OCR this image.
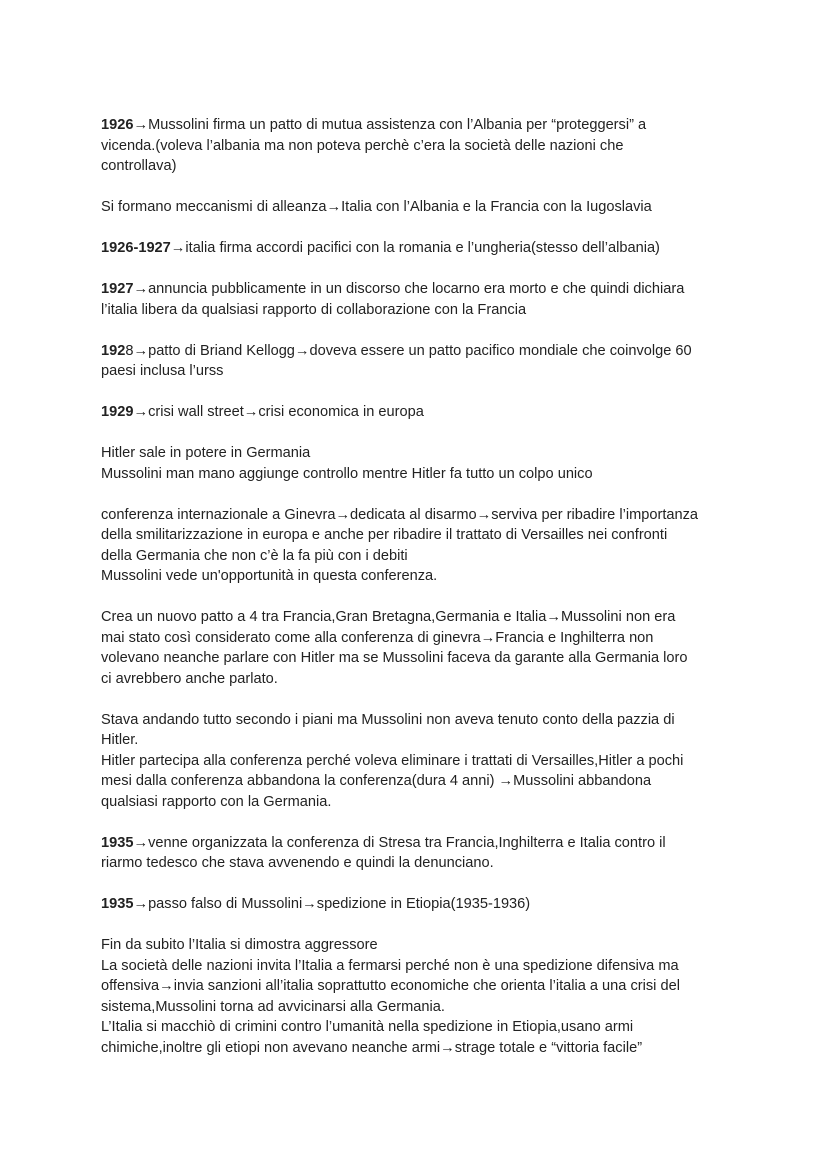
1926→Mussolini firma un patto di mutua assistenza con l’Albania per “proteggersi” a
vicenda.(voleva l’albania ma non poteva perchè c’era la società delle nazioni che
controllava)

Si formano meccanismi di alleanza→Italia con l’Albania e la Francia con la Iugoslavia

1926-1927→italia firma accordi pacifici con la romania e l’ungheria(stesso dell’albania)

1927→annuncia pubblicamente in un discorso che locarno era morto e che quindi dichiara
l’italia libera da qualsiasi rapporto di collaborazione con la Francia

1928→patto di Briand Kellogg→doveva essere un patto pacifico mondiale che coinvolge 60
paesi inclusa l’urss

1929→crisi wall street→crisi economica in europa

Hitler sale in potere in Germania
Mussolini man mano aggiunge controllo mentre Hitler fa tutto un colpo unico

conferenza internazionale a Ginevra→dedicata al disarmo→serviva per ribadire l’importanza
della smilitarizzazione in europa e anche per ribadire il trattato di Versailles nei confronti
della Germania che non c’è la fa più con i debiti
Mussolini vede un'opportunità in questa conferenza.

Crea un nuovo patto a 4 tra Francia,Gran Bretagna,Germania e Italia→Mussolini non era
mai stato così considerato come alla conferenza di ginevra→Francia e Inghilterra non
volevano neanche parlare con Hitler ma se Mussolini faceva da garante alla Germania loro
ci avrebbero anche parlato.

Stava andando tutto secondo i piani ma Mussolini non aveva tenuto conto della pazzia di
Hitler.
Hitler partecipa alla conferenza perché voleva eliminare i trattati di Versailles,Hitler a pochi
mesi dalla conferenza abbandona la conferenza(dura 4 anni) →Mussolini abbandona
qualsiasi rapporto con la Germania.

1935→venne organizzata la conferenza di Stresa tra Francia,Inghilterra e Italia contro il
riarmo tedesco che stava avvenendo e quindi la denunciano.

1935→passo falso di Mussolini→spedizione in Etiopia(1935-1936)

Fin da subito l’Italia si dimostra aggressore
La società delle nazioni invita l’Italia a fermarsi perché non è una spedizione difensiva ma
offensiva→invia sanzioni all’italia soprattutto economiche che orienta l’italia a una crisi del
sistema,Mussolini torna ad avvicinarsi alla Germania.
L’Italia si macchiò di crimini contro l’umanità nella spedizione in Etiopia,usano armi
chimiche,inoltre gli etiopi non avevano neanche armi→strage totale e “vittoria facile”
